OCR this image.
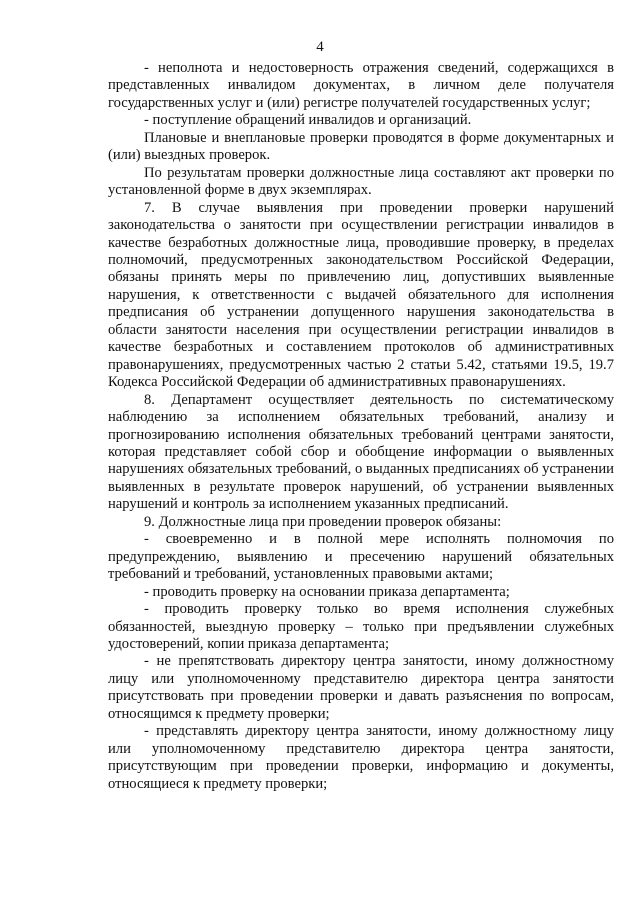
4

- неполнота и недостоверность отражения сведений, содержащихся в представленных инвалидом документах, в личном деле получателя государственных услуг и (или) регистре получателей государственных услуг;

- поступление обращений инвалидов и организаций.

Плановые и внеплановые проверки проводятся в форме документарных и (или) выездных проверок.

По результатам проверки должностные лица составляют акт проверки по установленной форме в двух экземплярах.

7. В случае выявления при проведении проверки нарушений законодательства о занятости при осуществлении регистрации инвалидов в качестве безработных должностные лица, проводившие проверку, в пределах полномочий, предусмотренных законодательством Российской Федерации, обязаны принять меры по привлечению лиц, допустивших выявленные нарушения, к ответственности с выдачей обязательного для исполнения предписания об устранении допущенного нарушения законодательства в области занятости населения при осуществлении регистрации инвалидов в качестве безработных и составлением протоколов об административных правонарушениях, предусмотренных частью 2 статьи 5.42, статьями 19.5, 19.7 Кодекса Российской Федерации об административных правонарушениях.

8. Департамент осуществляет деятельность по систематическому наблюдению за исполнением обязательных требований, анализу и прогнозированию исполнения обязательных требований центрами занятости, которая представляет собой сбор и обобщение информации о выявленных нарушениях обязательных требований, о выданных предписаниях об устранении выявленных в результате проверок нарушений, об устранении выявленных нарушений и контроль за исполнением указанных предписаний.

9. Должностные лица при проведении проверок обязаны:

- своевременно и в полной мере исполнять полномочия по предупреждению, выявлению и пресечению нарушений обязательных требований и требований, установленных правовыми актами;

- проводить проверку на основании приказа департамента;

- проводить проверку только во время исполнения служебных обязанностей, выездную проверку – только при предъявлении служебных удостоверений, копии приказа департамента;

- не препятствовать директору центра занятости, иному должностному лицу или уполномоченному представителю директора центра занятости присутствовать при проведении проверки и давать разъяснения по вопросам, относящимся к предмету проверки;

- представлять директору центра занятости, иному должностному лицу или уполномоченному представителю директора центра занятости, присутствующим при проведении проверки, информацию и документы, относящиеся к предмету проверки;
